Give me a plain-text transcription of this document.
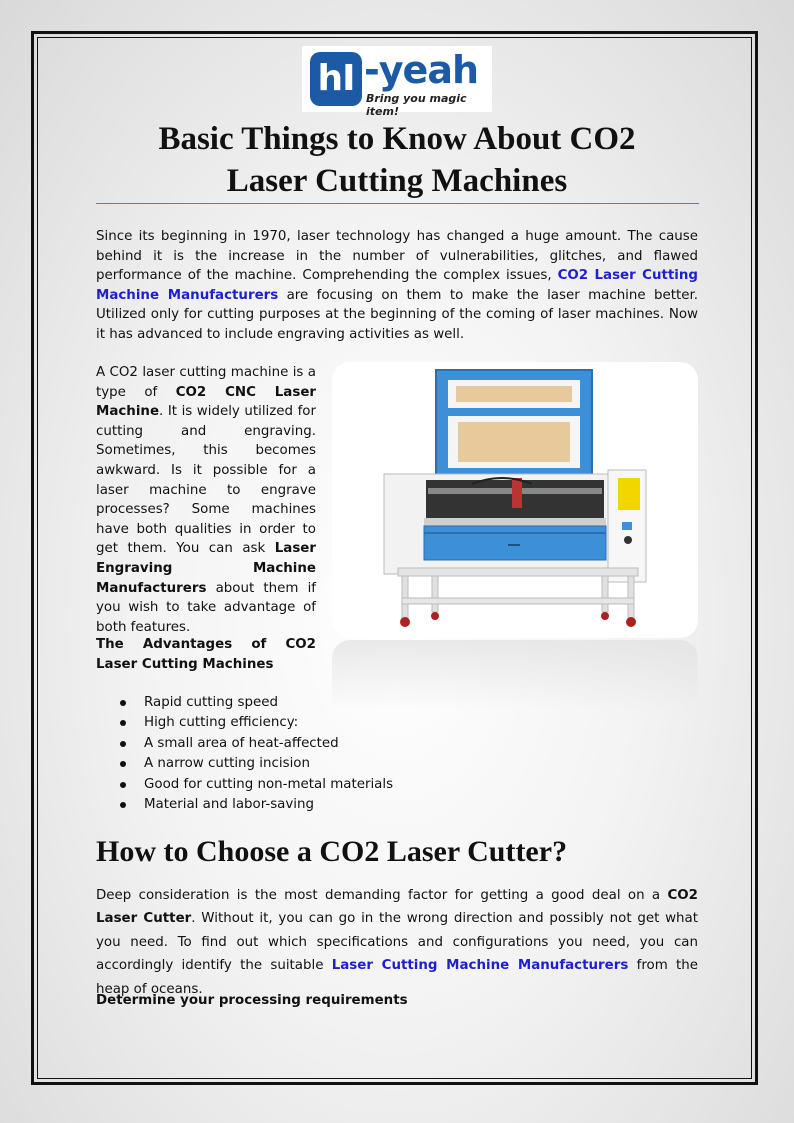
hI -yeah
Bring you magic item!
Basic Things to Know About CO2
Laser Cutting Machines

Since its beginning in 1970, laser technology has changed a huge amount. The cause behind it is the increase in the number of vulnerabilities, glitches, and flawed performance of the machine. Comprehending the complex issues, CO2 Laser Cutting Machine Manufacturers are focusing on them to make the laser machine better. Utilized only for cutting purposes at the beginning of the coming of laser machines. Now it has advanced to include engraving activities as well.

A CO2 laser cutting machine is a type of CO2 CNC Laser Machine. It is widely utilized for cutting and engraving. Sometimes, this becomes awkward. Is it possible for a laser machine to engrave processes? Some machines have both qualities in order to get them. You can ask Laser Engraving Machine Manufacturers about them if you wish to take advantage of both features.

The Advantages of CO2 Laser Cutting Machines

Rapid cutting speed
High cutting efficiency:
A small area of heat-affected
A narrow cutting incision
Good for cutting non-metal materials
Material and labor-saving
How to Choose a CO2 Laser Cutter?

Deep consideration is the most demanding factor for getting a good deal on a CO2 Laser Cutter. Without it, you can go in the wrong direction and possibly not get what you need. To find out which specifications and configurations you need, you can accordingly identify the suitable Laser Cutting Machine Manufacturers from the heap of oceans.

Determine your processing requirements
